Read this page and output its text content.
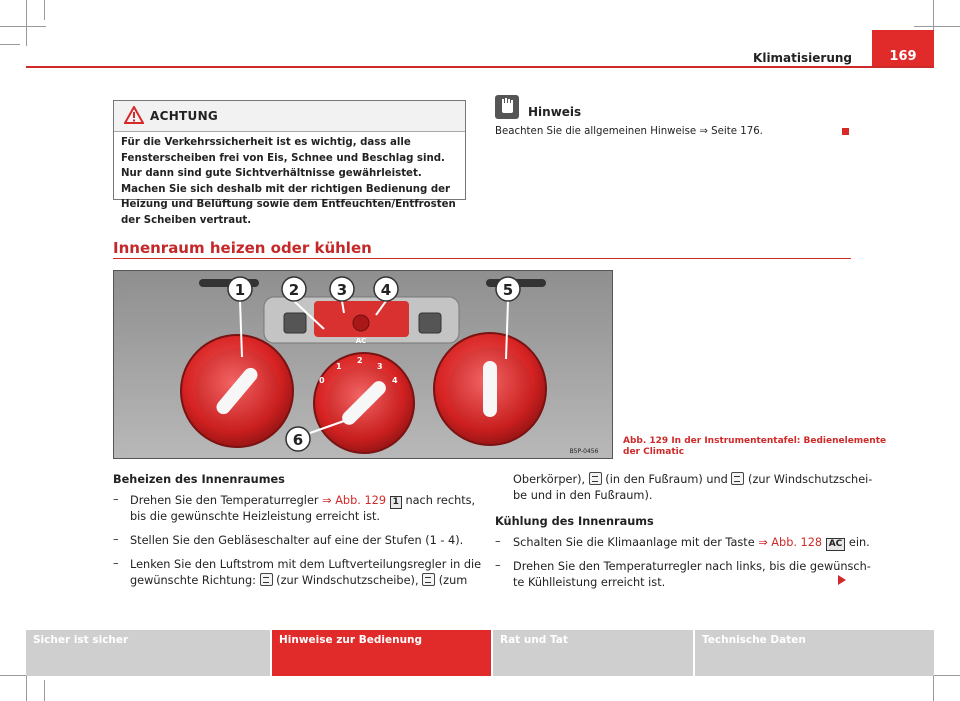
Klimatisierung	169
ACHTUNG
Für die Verkehrssicherheit ist es wichtig, dass alle Fensterscheiben frei von Eis, Schnee und Beschlag sind. Nur dann sind gute Sichtverhältnisse gewährleistet. Machen Sie sich deshalb mit der richtigen Bedienung der Heizung und Belüftung sowie dem Entfeuchten/Entfrosten der Scheiben vertraut.
Hinweis
Beachten Sie die allgemeinen Hinweise ⇒ Seite 176.
Innenraum heizen oder kühlen
AC
0
1
2
3
4
1	2	3 4	5
6
B5P-0456
Abb. 129 In der Instrumententafel: Bedienelemente
der Climatic
Beheizen des Innenraumes
– Drehen Sie den Temperaturregler ⇒ Abb. 129 1 nach rechts,
bis die gewünschte Heizleistung erreicht ist.
– Stellen Sie den Gebläseschalter auf eine der Stufen (1 - 4).
– Lenken Sie den Luftstrom mit dem Luftverteilungsregler in die
gewünschte Richtung:  (zur Windschutzscheibe),  (zum
Oberkörper),  (in den Fußraum) und  (zur Windschutzschei-
be und in den Fußraum).
Kühlung des Innenraums
– Schalten Sie die Klimaanlage mit der Taste ⇒ Abb. 128 AC ein.
– Drehen Sie den Temperaturregler nach links, bis die gewünsch-
te Kühlleistung erreicht ist.
Sicher ist sicher	Hinweise zur Bedienung	Rat und Tat	Technische Daten
